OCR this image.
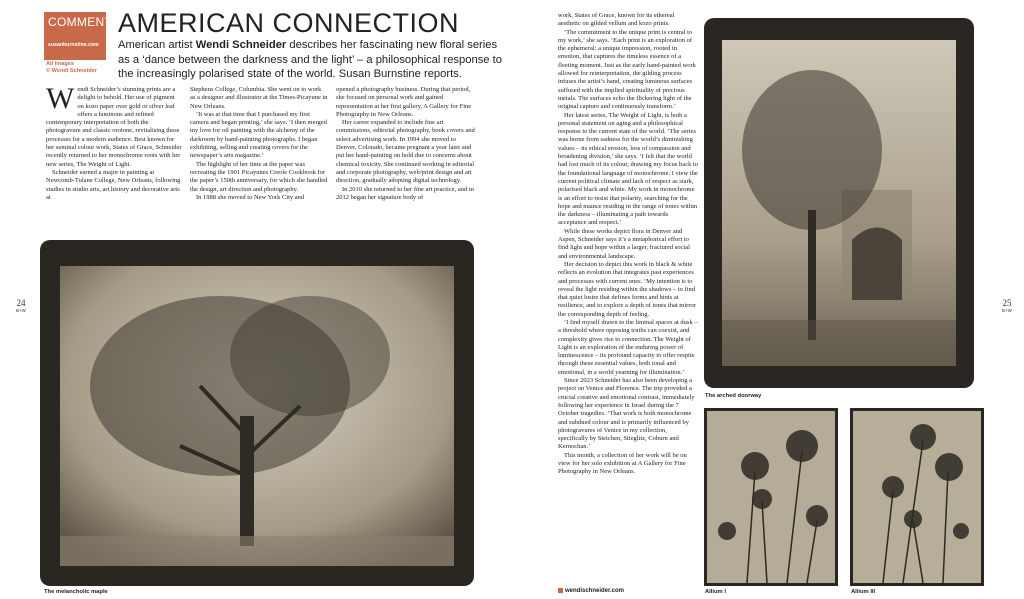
COMMENT
susanburnstine.com
All images
© Wendi Schneider
AMERICAN CONNECTION
American artist Wendi Schneider describes her fascinating new floral series as a ‘dance between the darkness and the light’ – a philosophical response to the increasingly polarised state of the world. Susan Burnstine reports.

Wendi Schneider’s stunning prints are a delight to behold. Her use of pigment on kozo paper over gold or silver leaf offers a luminous and refined contemporary interpretation of both the photogravure and classic orotone, revitalising these processes for a modern audience. Best known for her seminal colour work, States of Grace, Schneider recently returned to her monochrome roots with her new series, The Weight of Light.

Schneider earned a major in painting at Newcomb-Tulane College, New Orleans, following studies in studio arts, art history and decorative arts at

Stephens College, Columbia. She went on to work as a designer and illustrator at the Times-Picayune in New Orleans.

‘It was at that time that I purchased my first camera and began printing,’ she says. ‘I then merged my love for oil painting with the alchemy of the darkroom by hand-painting photographs. I began exhibiting, selling and creating covers for the newspaper’s arts magazine.’

The highlight of her time at the paper was recreating the 1901 Picayunes Creole Cookbook for the paper’s 150th anniversary, for which she handled the design, art direction and photography.

In 1988 she moved to New York City and

opened a photography business. During that period, she focused on personal work and gained representation at her first gallery, A Gallery for Fine Photography in New Orleans.

Her career expanded to include fine art commissions, editorial photography, book covers and select advertising work. In 1994 she moved to Denver, Colorado, became pregnant a year later and put her hand-painting on hold due to concerns about chemical toxicity. She continued working in editorial and corporate photography, web/print design and art direction, gradually adopting digital technology.

In 2010 she returned to her fine art practice, and in 2012 began her signature body of

The melancholic maple
24
B+W
25
B+W

work, States of Grace, known for its ethereal aesthetic on gilded vellum and kozo prints.

‘The commitment to the unique print is central to my work,’ she says. ‘Each print is an exploration of the ephemeral: a unique impression, rooted in emotion, that captures the timeless essence of a fleeting moment. Just as the early hand-painted work allowed for reinterpretation, the gilding process infuses the artist’s hand, creating luminous surfaces suffused with the implied spirituality of precious metals. The surfaces echo the flickering light of the original capture and continuously transform.’

Her latest series, The Weight of Light, is both a personal statement on aging and a philosophical response to the current state of the world. ‘The series was borne from sadness for the world’s diminishing values – its ethical erosion, loss of compassion and broadening division,’ she says. ‘I felt that the world had lost much of its colour, drawing my focus back to the foundational language of monochrome. I view the current political climate and lack of respect as stark, polarised black and white. My work in monochrome is an effort to resist that polarity, searching for the hope and nuance residing in the range of tones within the darkness – illuminating a path towards acceptance and respect.’

While these works depict flora in Denver and Aspen, Schneider says it’s a metaphorical effort to find light and hope within a larger, fractured social and environmental landscape.

Her decision to depict this work in black & white reflects an evolution that integrates past experiences and processes with current ones. ‘My intention is to reveal the light residing within the shadows – to find that quiet lustre that defines forms and hints at resilience, and to explore a depth of tones that mirror the corresponding depth of feeling.

‘I find myself drawn to the liminal spaces at dusk – a threshold where opposing truths can coexist, and complexity gives rise to connection. The Weight of Light is an exploration of the enduring power of luminescence – its profound capacity to offer respite through these essential values, both tonal and emotional, in a world yearning for illumination.’

Since 2023 Schneider has also been developing a project on Venice and Florence. The trip provided a crucial creative and emotional contrast, immediately following her experience in Israel during the 7 October tragedies. ‘That work is both monochrome and subdued colour and is primarily influenced by photogravures of Venice in my collection, specifically by Steichen, Stieglitz, Coburn and Kernochan.’

This month, a collection of her work will be on view for her solo exhibition at A Gallery for Fine Photography in New Orleans.

wendischneider.com
The arched doorway
Allium I	Allium III
